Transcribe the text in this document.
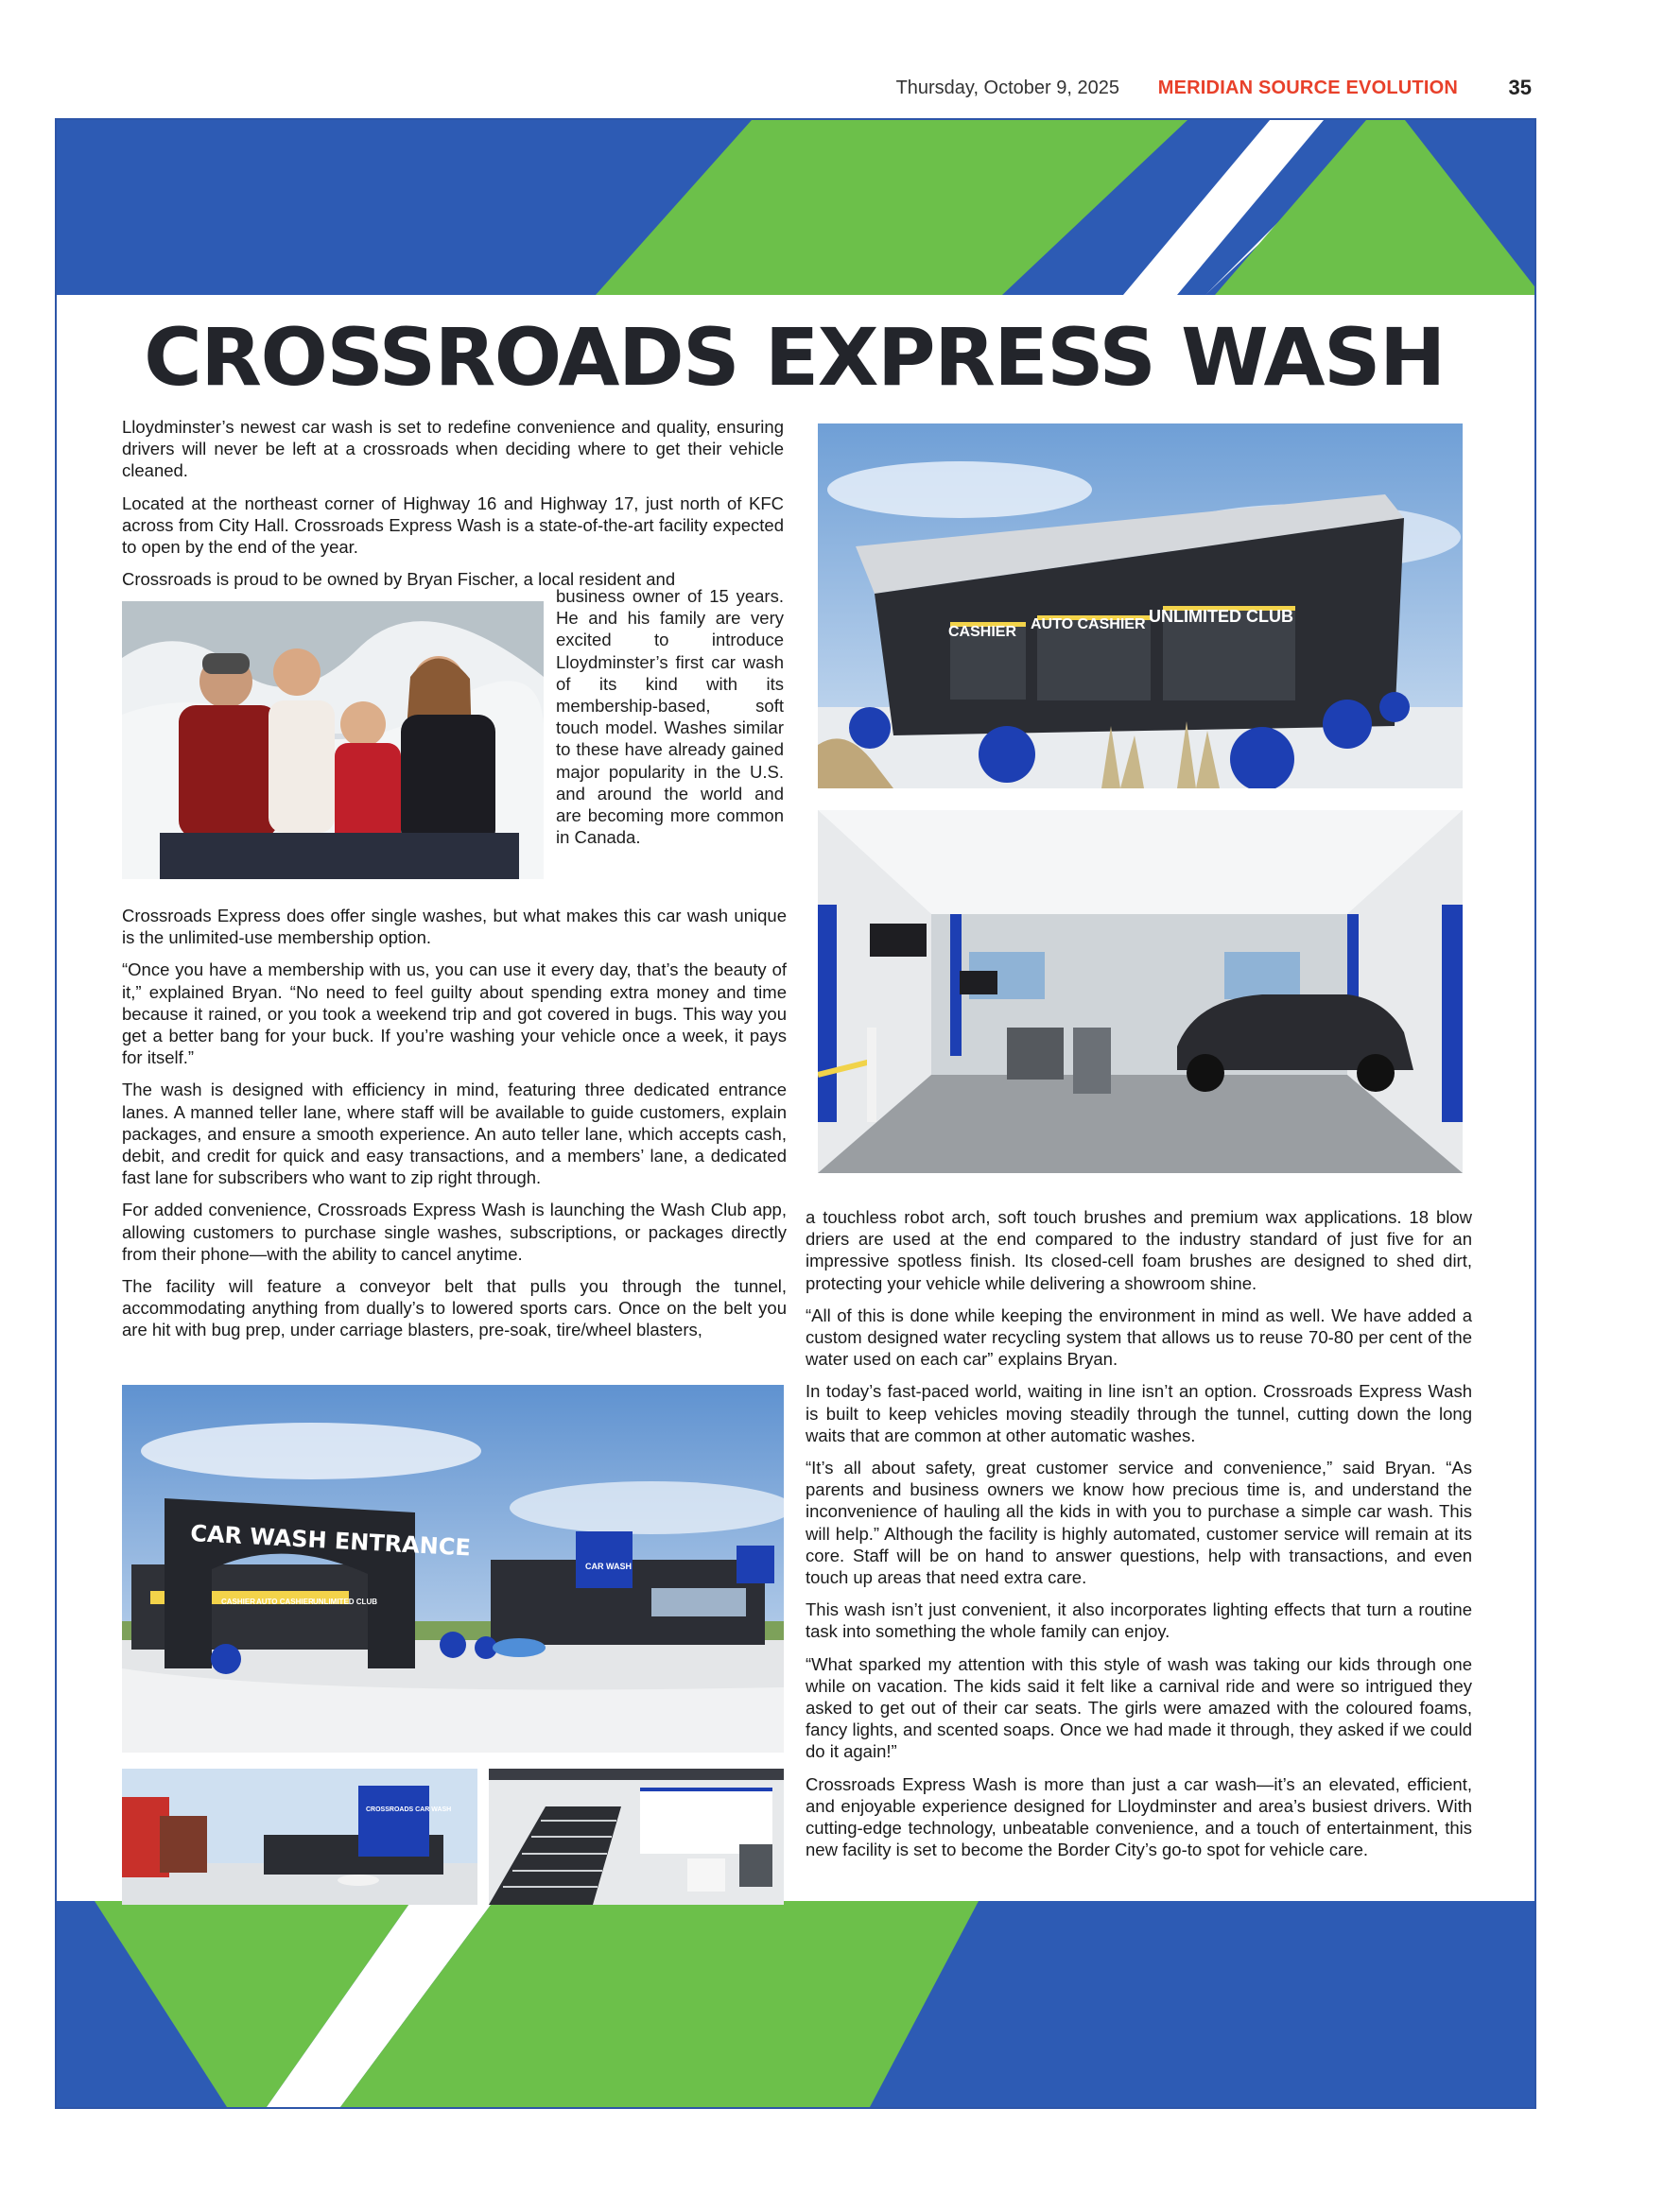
Thursday, October 9, 2025 MERIDIAN SOURCE EVOLUTION 35
CROSSROADS EXPRESS WASH

Lloydminster’s newest car wash is set to redefine convenience and quality, ensuring drivers will never be left at a crossroads when deciding where to get their vehicle cleaned.

Located at the northeast corner of Highway 16 and Highway 17, just north of KFC across from City Hall. Crossroads Express Wash is a state-of-the-art facility expected to open by the end of the year.

Crossroads is proud to be owned by Bryan Fischer, a local resident and

business owner of 15 years. He and his family are very excited to introduce Lloydminster’s first car wash of its kind with its membership-based, soft touch model. Washes similar to these have already gained major popularity in the U.S. and around the world and are becoming more common in Canada.

Crossroads Express does offer single washes, but what makes this car wash unique is the unlimited-use membership option.

“Once you have a membership with us, you can use it every day, that’s the beauty of it,” explained Bryan. “No need to feel guilty about spending extra money and time because it rained, or you took a weekend trip and got covered in bugs. This way you get a better bang for your buck. If you’re washing your vehicle once a week, it pays for itself.”

The wash is designed with efficiency in mind, featuring three dedicated entrance lanes. A manned teller lane, where staff will be available to guide customers, explain packages, and ensure a smooth experience. An auto teller lane, which accepts cash, debit, and credit for quick and easy transactions, and a members’ lane, a dedicated fast lane for subscribers who want to zip right through.

For added convenience, Crossroads Express Wash is launching the Wash Club app, allowing customers to purchase single washes, subscriptions, or packages directly from their phone—with the ability to cancel anytime.

The facility will feature a conveyor belt that pulls you through the tunnel, accommodating anything from dually’s to lowered sports cars. Once on the belt you are hit with bug prep, under carriage blasters, pre-soak, tire/wheel blasters,

CASHIER AUTO CASHIER UNLIMITED CLUB

a touchless robot arch, soft touch brushes and premium wax applications. 18 blow driers are used at the end compared to the industry standard of just five for an impressive spotless finish. Its closed-cell foam brushes are designed to shed dirt, protecting your vehicle while delivering a showroom shine.

“All of this is done while keeping the environment in mind as well. We have added a custom designed water recycling system that allows us to reuse 70-80 per cent of the water used on each car” explains Bryan.

In today’s fast-paced world, waiting in line isn’t an option. Crossroads Express Wash is built to keep vehicles moving steadily through the tunnel, cutting down the long waits that are common at other automatic washes.

“It’s all about safety, great customer service and convenience,” said Bryan. “As parents and business owners we know how precious time is, and understand the inconvenience of hauling all the kids in with you to purchase a simple car wash. This will help.” Although the facility is highly automated, customer service will remain at its core. Staff will be on hand to answer questions, help with transactions, and even touch up areas that need extra care.

This wash isn’t just convenient, it also incorporates lighting effects that turn a routine task into something the whole family can enjoy.

“What sparked my attention with this style of wash was taking our kids through one while on vacation. The kids said it felt like a carnival ride and were so intrigued they asked to get out of their car seats. The girls were amazed with the coloured foams, fancy lights, and scented soaps. Once we had made it through, they asked if we could do it again!”

Crossroads Express Wash is more than just a car wash—it’s an elevated, efficient, and enjoyable experience designed for Lloydminster and area’s busiest drivers. With cutting-edge technology, unbeatable convenience, and a touch of entertainment, this new facility is set to become the Border City’s go-to spot for vehicle care.

CAR WASH ENTRANCE
CASHIER AUTO CASHIER UNLIMITED CLUB
CAR WASH
CROSSROADS CAR WASH
